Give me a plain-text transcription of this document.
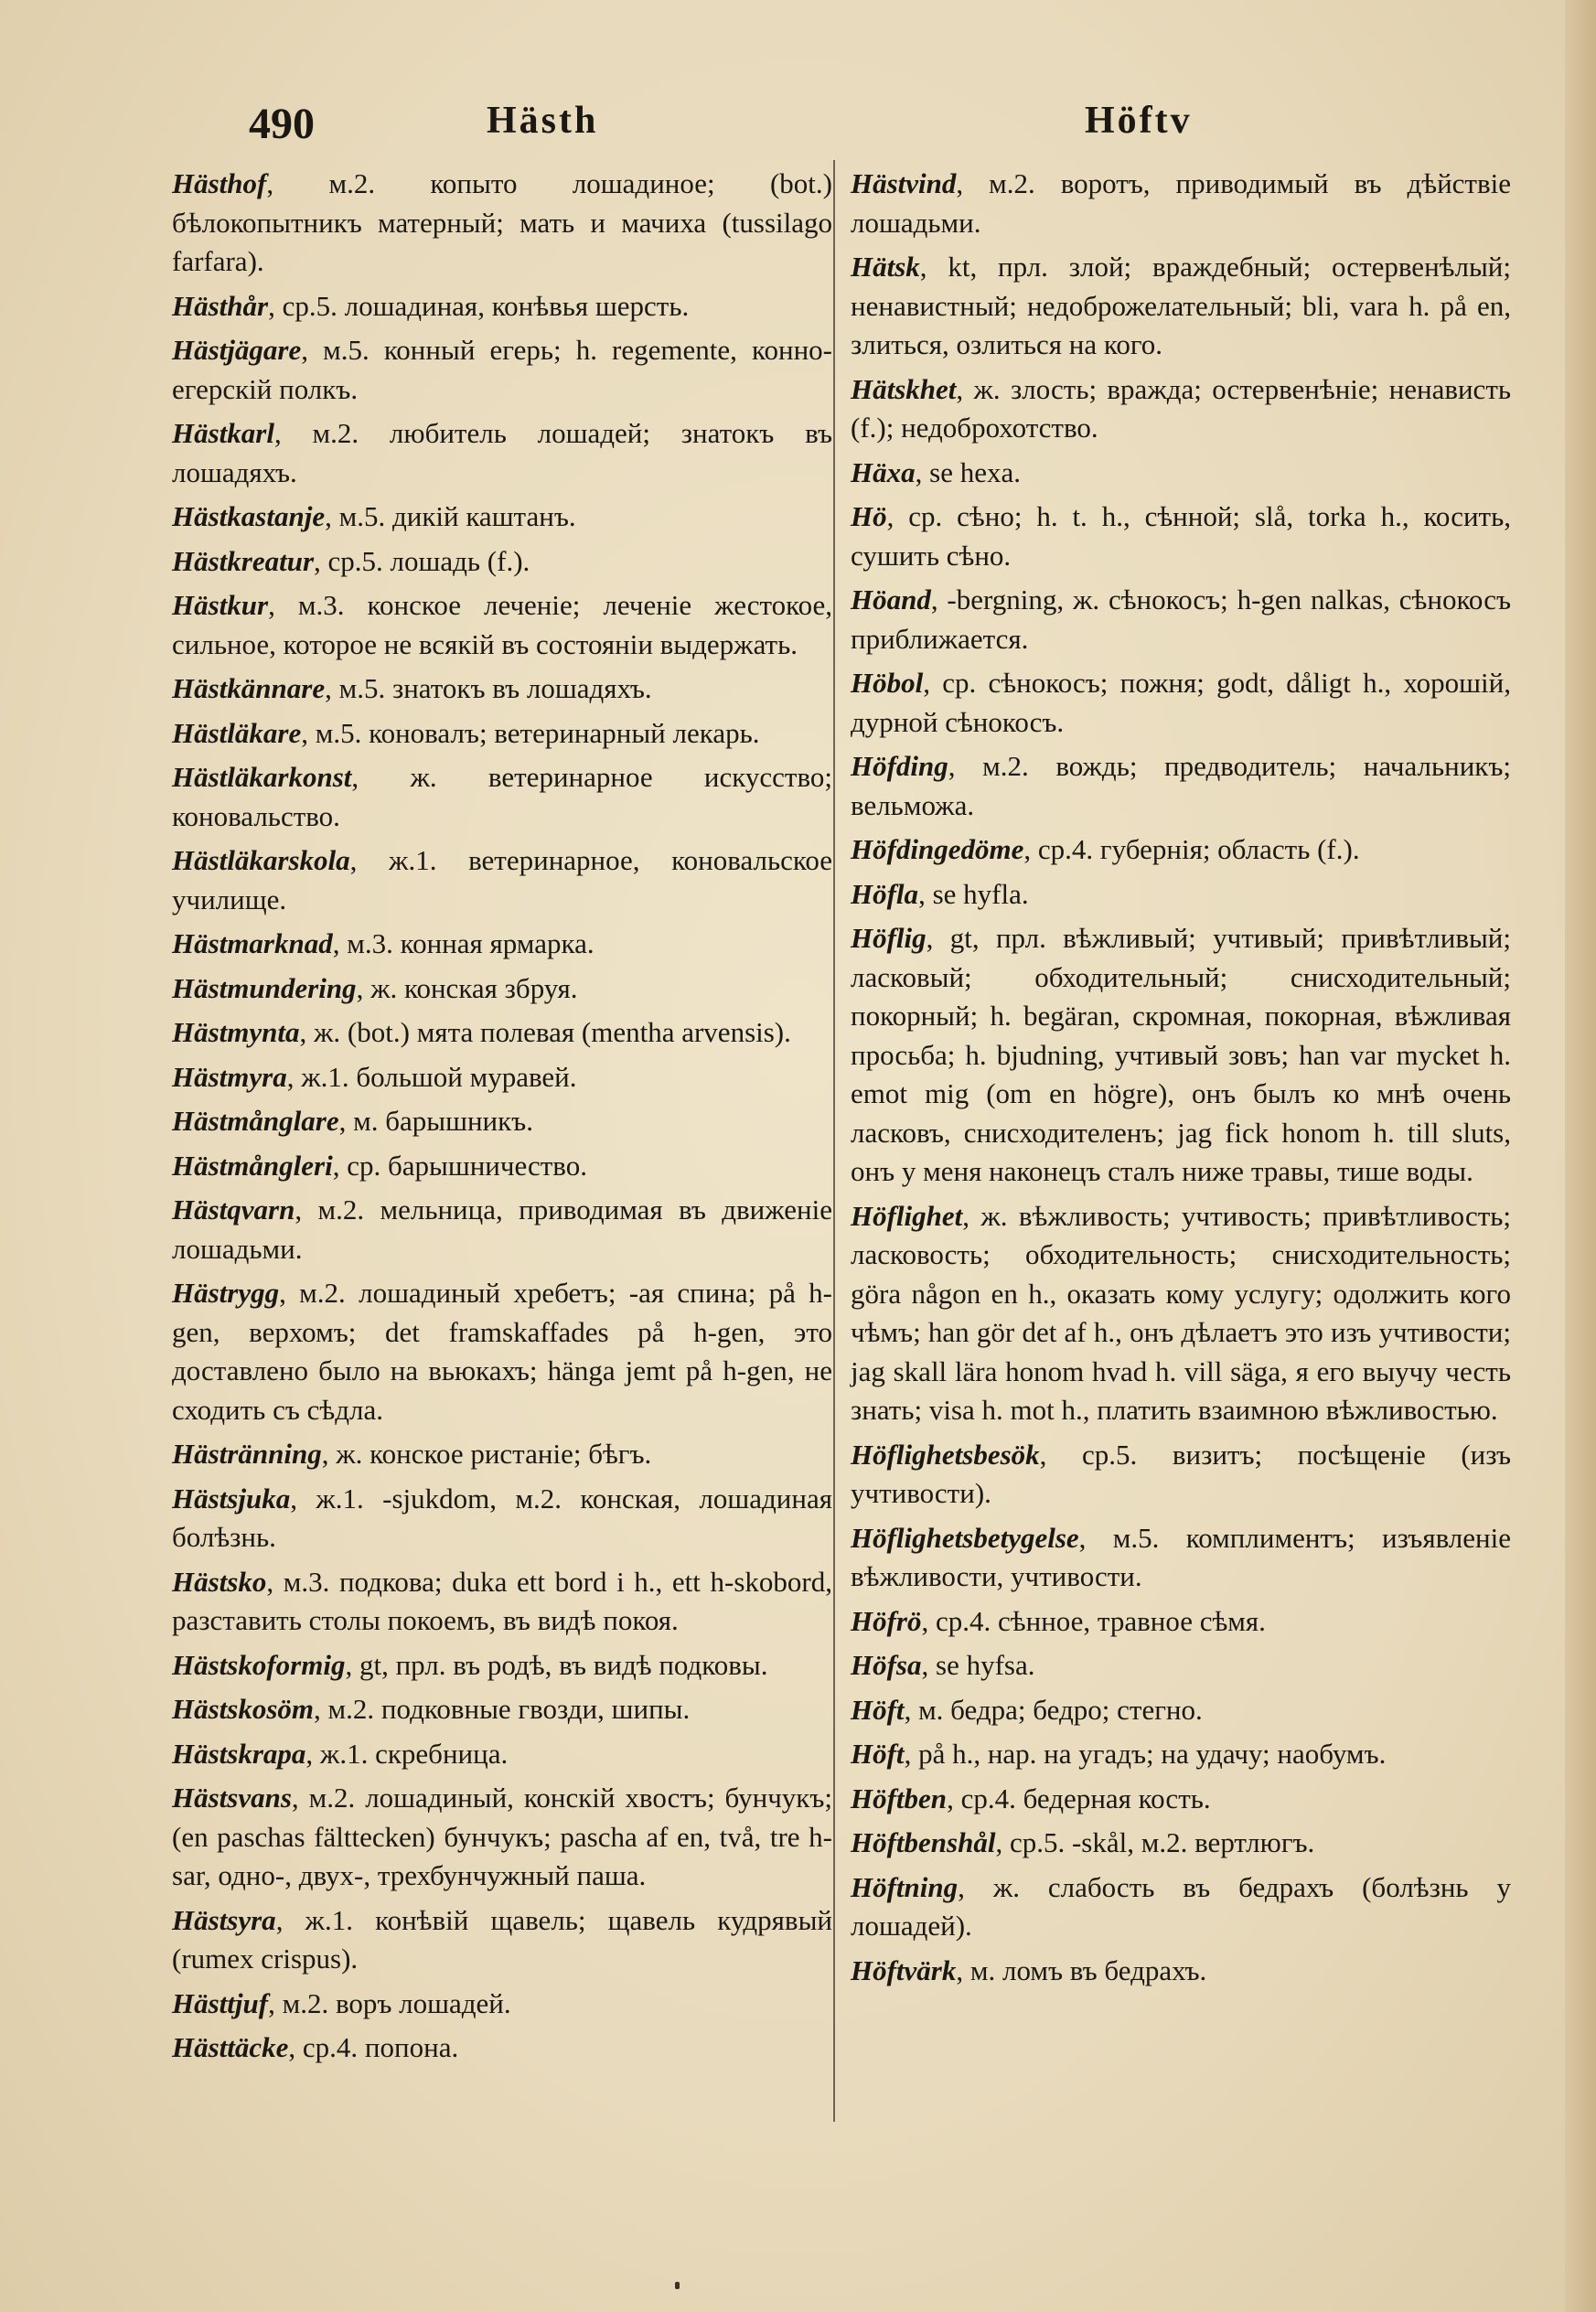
490	Hästh	Höftv

Hästhof, м.2. копыто лошадиное; (bot.) бѣлокопытникъ матерный; мать и мачиха (tussilago farfara).

Hästhår, ср.5. лошадиная, конѣвья шерсть.

Hästjägare, м.5. конный егерь; h. regemente, конно-егерскій полкъ.

Hästkarl, м.2. любитель лошадей; знатокъ въ лошадяхъ.

Hästkastanje, м.5. дикій каштанъ.

Hästkreatur, ср.5. лошадь (f.).

Hästkur, м.3. конское леченіе; леченіе жестокое, сильное, которое не всякій въ состояніи выдержать.

Hästkännare, м.5. знатокъ въ лошадяхъ.

Hästläkare, м.5. коновалъ; ветеринарный лекарь.

Hästläkarkonst, ж. ветеринарное искусство; коновальство.

Hästläkarskola, ж.1. ветеринарное, коновальское училище.

Hästmarknad, м.3. конная ярмарка.

Hästmundering, ж. конская збруя.

Hästmynta, ж. (bot.) мята полевая (mentha arvensis).

Hästmyra, ж.1. большой муравей.

Hästmånglare, м. барышникъ.

Hästmångleri, ср. барышничество.

Hästqvarn, м.2. мельница, приводимая въ движеніе лошадьми.

Hästrygg, м.2. лошадиный хребетъ; -ая спина; på h-gen, верхомъ; det framskaffades på h-gen, это доставлено было на вьюкахъ; hänga jemt på h-gen, не сходить съ сѣдла.

Hästränning, ж. конское ристаніе; бѣгъ.

Hästsjuka, ж.1. -sjukdom, м.2. конская, лошадиная болѣзнь.

Hästsko, м.3. подкова; duka ett bord i h., ett h-skobord, разставить столы покоемъ, въ видѣ покоя.

Hästskoformig, gt, прл. въ родѣ, въ видѣ подковы.

Hästskosöm, м.2. подковные гвозди, шипы.

Hästskrapa, ж.1. скребница.

Hästsvans, м.2. лошадиный, конскій хвостъ; бунчукъ; (en paschas fälttecken) бунчукъ; pascha af en, två, tre h-sar, одно-, двух-, трехбунчужный паша.

Hästsyra, ж.1. конѣвій щавель; щавель кудрявый (rumex crispus).

Hästtjuf, м.2. воръ лошадей.

Hästtäcke, ср.4. попона.

Hästvind, м.2. воротъ, приводимый въ дѣйствіе лошадьми.

Hätsk, kt, прл. злой; враждебный; остервенѣлый; ненавистный; недоброжелательный; bli, vara h. på en, злиться, озлиться на кого.

Hätskhet, ж. злость; вражда; остервенѣніе; ненависть (f.); недоброхотство.

Häxa, se hexa.

Hö, ср. сѣно; h. t. h., сѣнной; slå, torka h., косить, сушить сѣно.

Höand, -bergning, ж. сѣнокосъ; h-gen nalkas, сѣнокосъ приближается.

Höbol, ср. сѣнокосъ; пожня; godt, dåligt h., хорошій, дурной сѣнокосъ.

Höfding, м.2. вождь; предводитель; начальникъ; вельможа.

Höfdingedöme, ср.4. губернія; область (f.).

Höfla, se hyfla.

Höflig, gt, прл. вѣжливый; учтивый; привѣтливый; ласковый; обходительный; снисходительный; покорный; h. begäran, скромная, покорная, вѣжливая просьба; h. bjudning, учтивый зовъ; han var mycket h. emot mig (om en högre), онъ былъ ко мнѣ очень ласковъ, снисходителенъ; jag fick honom h. till sluts, онъ у меня наконецъ сталъ ниже травы, тише воды.

Höflighet, ж. вѣжливость; учтивость; привѣтливость; ласковость; обходительность; снисходительность; göra någon en h., оказать кому услугу; одолжить кого чѣмъ; han gör det af h., онъ дѣлаетъ это изъ учтивости; jag skall lära honom hvad h. vill säga, я его выучу честь знать; visa h. mot h., платить взаимною вѣжливостью.

Höflighetsbesök, ср.5. визитъ; посѣщеніе (изъ учтивости).

Höflighetsbetygelse, м.5. комплиментъ; изъявленіе вѣжливости, учтивости.

Höfrö, ср.4. сѣнное, травное сѣмя.

Höfsa, se hyfsa.

Höft, м. бедра; бедро; стегно.

Höft, på h., нар. на угадъ; на удачу; наобумъ.

Höftben, ср.4. бедерная кость.

Höftbenshål, ср.5. -skål, м.2. вертлюгъ.

Höftning, ж. слабость въ бедрахъ (болѣзнь у лошадей).

Höftvärk, м. ломъ въ бедрахъ.
